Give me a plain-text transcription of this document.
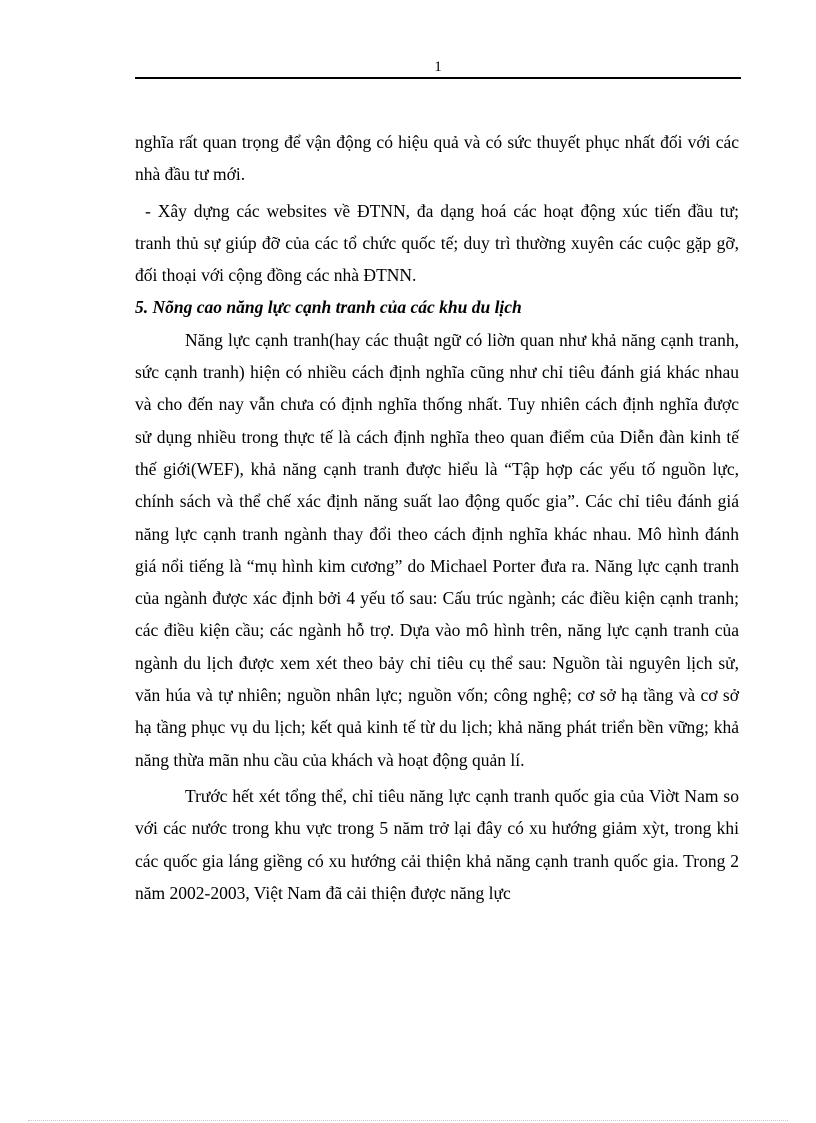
1

nghĩa rất quan trọng để vận động có hiệu quả và có sức thuyết phục nhất đối với các nhà đầu tư mới.

- Xây dựng các websites về ĐTNN, đa dạng hoá các hoạt động xúc tiến đầu tư; tranh thủ sự giúp đỡ của các tổ chức quốc tế; duy trì thường xuyên các cuộc gặp gỡ, đối thoại với cộng đồng các nhà ĐTNN.

5. Nõng cao năng lực cạnh tranh của các khu du lịch

Năng lực cạnh tranh(hay các thuật ngữ có liờn quan như khả năng cạnh tranh, sức cạnh tranh) hiện có nhiều cách định nghĩa cũng như chỉ tiêu đánh giá khác nhau và cho đến nay vẫn chưa có định nghĩa thống nhất. Tuy nhiên cách định nghĩa được sử dụng nhiều trong thực tế là cách định nghĩa theo quan điểm của Diễn đàn kinh tế thế giới(WEF), khả năng cạnh tranh được hiểu là “Tập hợp các yếu tố nguồn lực, chính sách và thể chế xác định năng suất lao động quốc gia”. Các chỉ tiêu đánh giá năng lực cạnh tranh ngành thay đổi theo cách định nghĩa khác nhau. Mô hình đánh giá nổi tiếng là “mụ hình kim cương” do Michael Porter đưa ra. Năng lực cạnh tranh của ngành được xác định bởi 4 yếu tố sau: Cấu trúc ngành; các điều kiện cạnh tranh; các điều kiện cầu; các ngành hỗ trợ. Dựa vào mô hình trên, năng lực cạnh tranh của ngành du lịch được xem xét theo bảy chỉ tiêu cụ thể sau: Nguồn tài nguyên lịch sử, văn húa và tự nhiên; nguồn nhân lực; nguồn vốn; công nghệ; cơ sở hạ tầng và cơ sở hạ tầng phục vụ du lịch; kết quả kinh tế từ du lịch; khả năng phát triển bền vững; khả năng thừa mãn nhu cầu của khách và hoạt động quản lí.

Trước hết xét tổng thể, chỉ tiêu năng lực cạnh tranh quốc gia của Viờt Nam so với các nước trong khu vực trong 5 năm trở lại đây có xu hướng giảm xỳt, trong khi các quốc gia láng giềng có xu hướng cải thiện khả năng cạnh tranh quốc gia. Trong 2 năm 2002-2003, Việt Nam đã cải thiện được năng lực
